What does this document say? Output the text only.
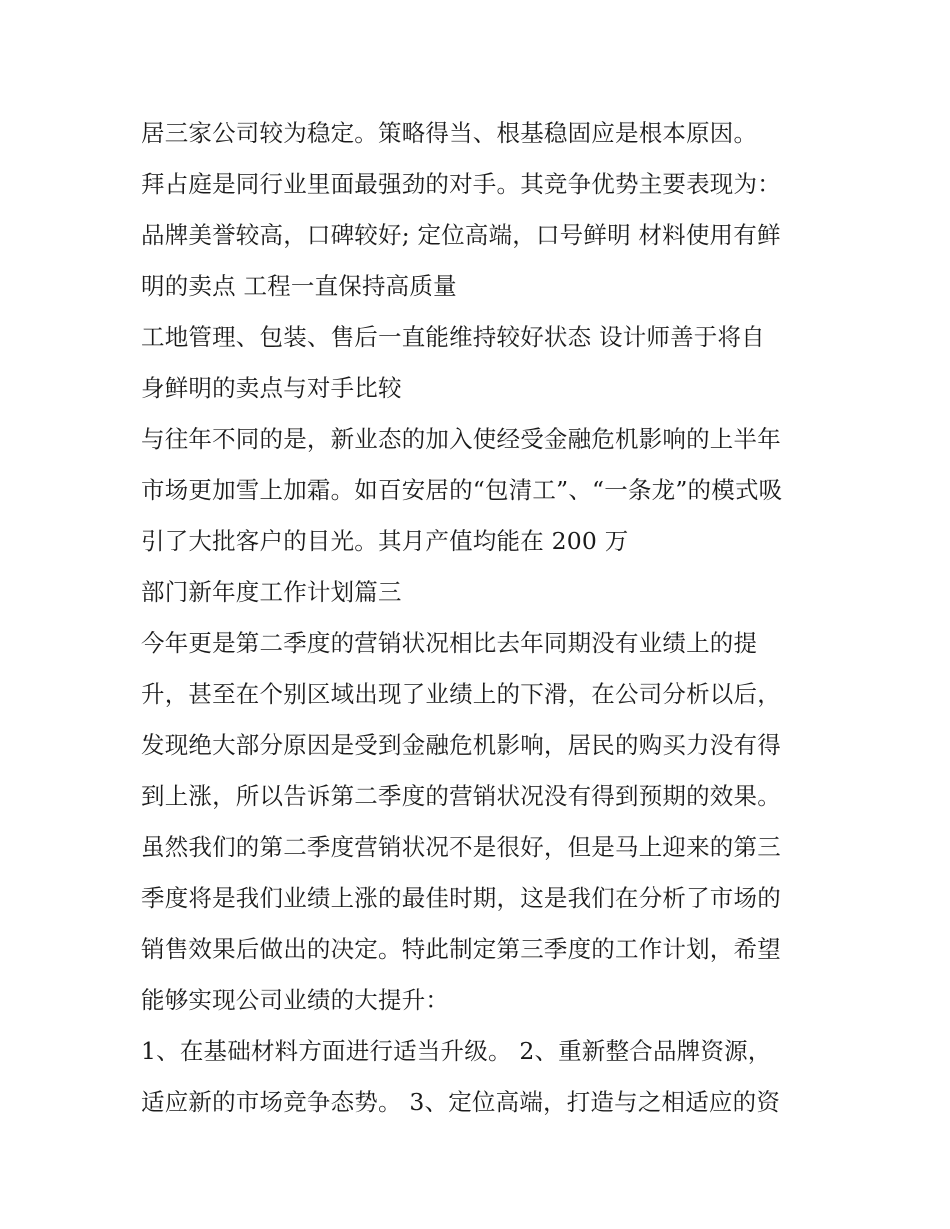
居三家公司较为稳定。策略得当、根基稳固应是根本原因。
拜占庭是同行业里面最强劲的对手。其竞争优势主要表现为：
品牌美誉较高，口碑较好; 定位高端，口号鲜明 材料使用有鲜
明的卖点 工程一直保持高质量
工地管理、包装、售后一直能维持较好状态 设计师善于将自
身鲜明的卖点与对手比较
与往年不同的是，新业态的加入使经受金融危机影响的上半年
市场更加雪上加霜。如百安居的“包清工”、“一条龙”的模式吸
引了大批客户的目光。其月产值均能在 200 万
部门新年度工作计划篇三
今年更是第二季度的营销状况相比去年同期没有业绩上的提
升，甚至在个别区域出现了业绩上的下滑，在公司分析以后，
发现绝大部分原因是受到金融危机影响，居民的购买力没有得
到上涨，所以告诉第二季度的营销状况没有得到预期的效果。
虽然我们的第二季度营销状况不是很好，但是马上迎来的第三
季度将是我们业绩上涨的最佳时期，这是我们在分析了市场的
销售效果后做出的决定。特此制定第三季度的工作计划，希望
能够实现公司业绩的大提升：
1、在基础材料方面进行适当升级。 2、重新整合品牌资源，
适应新的市场竞争态势。 3、定位高端，打造与之相适应的资
